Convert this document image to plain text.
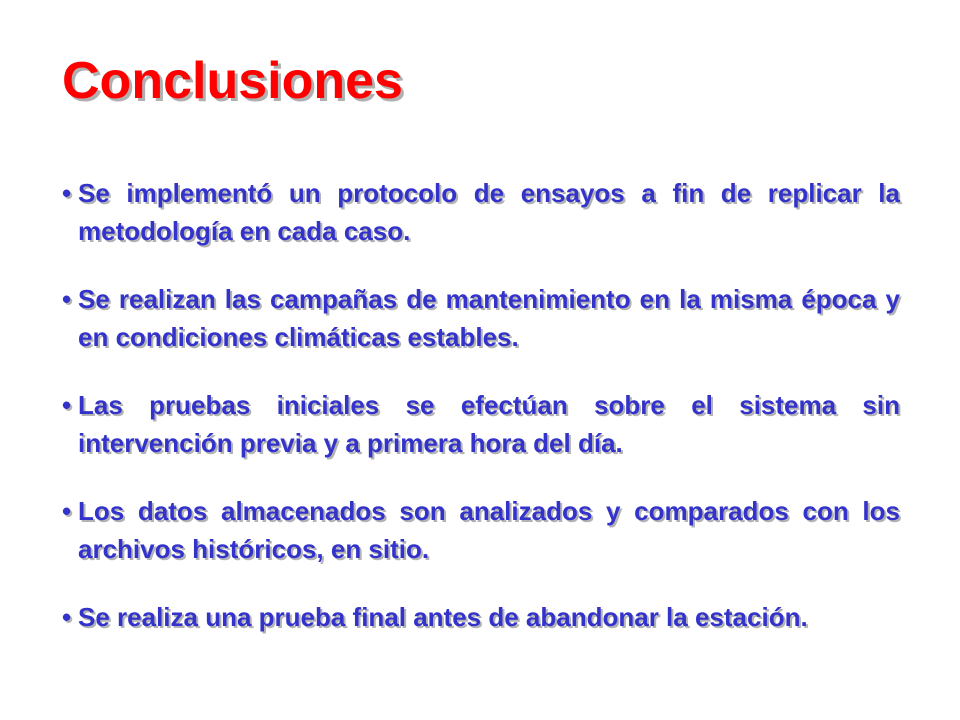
Conclusiones
• Se implementó un protocolo de ensayos a fin de replicar la metodología en cada caso.
• Se realizan las campañas de mantenimiento en la misma época y en condiciones climáticas estables.
• Las pruebas iniciales se efectúan sobre el sistema sin intervención previa y a primera hora del día.
• Los datos almacenados son analizados y comparados con los archivos históricos, en sitio.
• Se realiza una prueba final antes de abandonar la estación.
